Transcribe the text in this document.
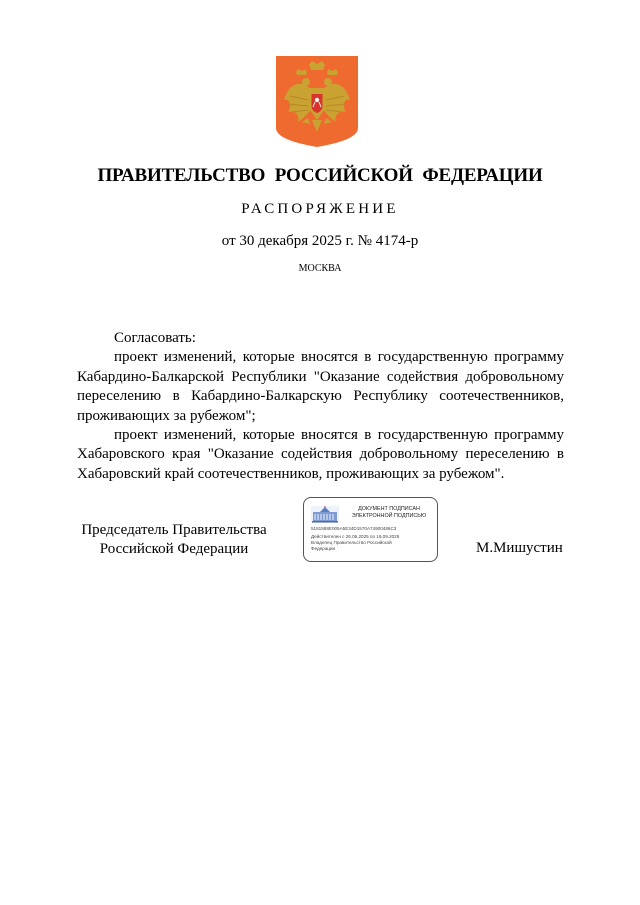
ПРАВИТЕЛЬСТВО РОССИЙСКОЙ ФЕДЕРАЦИИ
РАСПОРЯЖЕНИЕ
от 30 декабря 2025 г. № 4174-р
МОСКВА

Согласовать:

проект изменений, которые вносятся в государственную программу Кабардино-Балкарской Республики "Оказание содействия добровольному переселению в Кабардино-Балкарскую Республику соотечественников, проживающих за рубежом";

проект изменений, которые вносятся в государственную программу Хабаровского края "Оказание содействия добровольному переселению в Хабаровский край соотечественников, проживающих за рубежом".

Председатель Правительства
Российской Федерации
ДОКУМЕНТ ПОДПИСАН
ЭЛЕКТРОННОЙ ПОДПИСЬЮ
5181588E005A5E34D1570A74900486C3
Действителен с 26.06.2025 по 19.09.2026
Владелец Правительство Российской
Федерации	М.Мишустин
